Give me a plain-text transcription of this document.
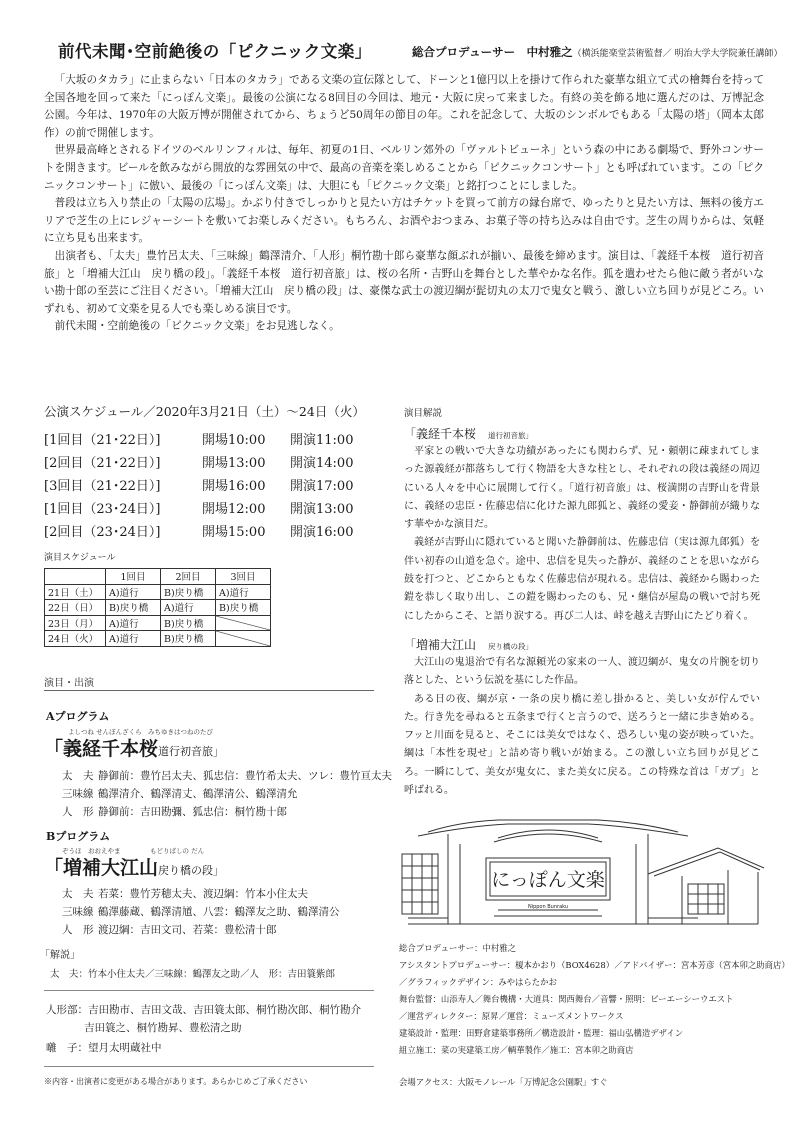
前代未聞･空前絶後の「ピクニック文楽」	総合プロデューサー　 中村雅之（横浜能楽堂芸術監督／ 明治大学大学院兼任講師）

「大坂のタカラ」に止まらない「日本のタカラ」である文楽の宣伝隊として、ドーンと1億円以上を掛けて作られた豪華な組立て式の檜舞台を持って全国各地を回って来た「にっぽん文楽」。最後の公演になる8回目の今回は、地元・大阪に戻って来ました。有終の美を飾る地に選んだのは、万博記念公園。今年は、1970年の大阪万博が開催されてから、ちょうど50周年の節目の年。これを記念して、大坂のシンボルでもある「太陽の塔」（岡本太郎作）の前で開催します。

世界最高峰とされるドイツのベルリンフィルは、毎年、初夏の1日、ベルリン郊外の「ヴァルトビューネ」という森の中にある劇場で、野外コンサートを開きます。ビールを飲みながら開放的な雰囲気の中で、最高の音楽を楽しめることから「ピクニックコンサート」とも呼ばれています。この「ピクニックコンサート」に倣い、最後の「にっぽん文楽」は、大胆にも「ピクニック文楽」と銘打つことにしました。

普段は立ち入り禁止の「太陽の広場」。かぶり付きでしっかりと見たい方はチケットを買って前方の縁台席で、ゆったりと見たい方は、無料の後方エリアで芝生の上にレジャーシートを敷いてお楽しみください。もちろん、お酒やおつまみ、お菓子等の持ち込みは自由です。芝生の周りからは、気軽に立ち見も出来ます。

出演者も、「太夫」豊竹呂太夫、「三味線」鶴澤清介、「人形」桐竹勘十郎ら豪華な顔ぶれが揃い、最後を締めます。演目は、「義経千本桜　道行初音旅」と「増補大江山　戻り橋の段」。「義経千本桜　道行初音旅」は、桜の名所・吉野山を舞台とした華やかな名作。狐を遣わせたら他に敵う者がいない勘十郎の至芸にご注目ください。「増補大江山　戻り橋の段」は、豪傑な武士の渡辺綱が髭切丸の太刀で鬼女と戦う、激しい立ち回りが見どころ。いずれも、初めて文楽を見る人でも楽しめる演目です。

前代未聞・空前絶後の「ピクニック文楽」をお見逃しなく。

公演スケジュール／2020年3月21日（土）～24日（火）
[1回目（21･22日）]	開場10:00 開演11:00
[2回目（21･22日）]	開場13:00 開演14:00
[3回目（21･22日）]	開場16:00 開演17:00
[1回目（23･24日）]	開場12:00 開演13:00
[2回目（23･24日）]	開場15:00 開演16:00
演目スケジュール
	1回目	2回目	3回目
21日（土）	A)道行	B)戻り橋	A)道行
22日（日）	B)戻り橋	A)道行	B)戻り橋
23日（月）	A)道行	B)戻り橋	
24日（火）	A)道行	B)戻り橋	
演目・出演
Aプログラム
よしつね せんぼんざくら みちゆきはつねのたび
「義経千本桜道行初音旅」
太　夫 静御前：豊竹呂太夫、狐忠信：豊竹希太夫、ツレ：豊竹亘太夫
三味線 鶴澤清介、鶴澤清丈、鶴澤清公、鶴澤清允
人　形 静御前：吉田勘彌、狐忠信：桐竹勘十郎
Bプログラム
ぞうほ　おおえやま	もどりばしの だん
「増補大江山戻り橋の段」
太　夫 若菜：豊竹芳穂太夫、渡辺綱：竹本小住太夫
三味線 鶴澤藤蔵、鶴澤清馗、八雲：鶴澤友之助、鶴澤清公
人　形 渡辺綱：吉田文司、若菜：豊松清十郎
「解説」
太　夫：竹本小住太夫／三味線：鶴澤友之助／人　形：吉田簑紫郎
人形部：吉田勘市、吉田文哉、吉田簑太郎、桐竹勘次郎、桐竹勘介
吉田簑之、桐竹勘昇、豊松清之助
囃　子：望月太明蔵社中
※内容・出演者に変更がある場合があります。あらかじめご了承ください
演目解説
「義経千本桜　 道行初音旅」

平家との戦いで大きな功績があったにも関わらず、兄・頼朝に疎まれてしまった源義経が都落ちして行く物語を大きな柱とし、それぞれの段は義経の周辺にいる人々を中心に展開して行く。「道行初音旅」は、桜満開の吉野山を背景に、義経の忠臣・佐藤忠信に化けた源九郎狐と、義経の愛妾・静御前が織りなす華やかな演目だ。

義経が吉野山に隠れていると聞いた静御前は、佐藤忠信（実は源九郎狐）を伴い初春の山道を急ぐ。途中、忠信を見失った静が、義経のことを思いながら鼓を打つと、どこからともなく佐藤忠信が現れる。忠信は、義経から賜わった鎧を恭しく取り出し、この鎧を賜わったのも、兄・継信が屋島の戦いで討ち死にしたからこそ、と語り涙する。再び二人は、峠を越え吉野山にたどり着く。

「増補大江山　 戻り橋の段」

大江山の鬼退治で有名な源頼光の家来の一人、渡辺綱が、鬼女の片腕を切り落とした、という伝説を基にした作品。

ある日の夜、綱が京・一条の戻り橋に差し掛かると、美しい女が佇んでいた。行き先を尋ねると五条まで行くと言うので、送ろうと一緒に歩き始める。フッと川面を見ると、そこには美女ではなく、恐ろしい鬼の姿が映っていた。綱は「本性を現せ」と詰め寄り戦いが始まる。この激しい立ち回りが見どころ。一瞬にして、美女が鬼女に、また美女に戻る。この特殊な首は「ガブ」と呼ばれる。

にっぽん文楽
Nippon Bunraku
総合プロデューサー：中村雅之
アシスタントプロデューサー：榎本かおり（BOX4628）／アドバイザー：宮本芳彦（宮本卯之助商店）
／グラフィックデザイン：みやはらたかお
舞台監督：山添寿人／舞台機構・大道具：関西舞台／音響・照明：ビーエーシーウエスト
／運営ディレクター：原昇／運営：ミューズメントワークス
建築設計・監理：田野倉建築事務所／構造設計・監理：福山弘構造デザイン
組立施工：菜の実建築工房／輌華製作／施工：宮本卯之助商店
会場アクセス：大阪モノレール「万博記念公園駅」すぐ
